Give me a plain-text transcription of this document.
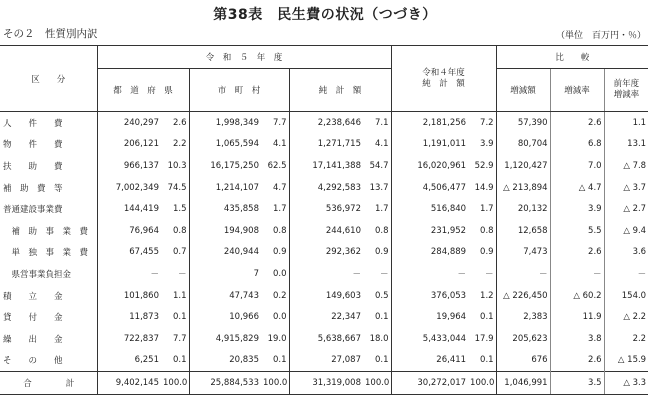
第38表　民生費の状況（つづき）
その２　性質別内訳	（単位　百万円・％）
区　　分	令　和　５　年　度						令和４年度
純　計　額		比　　較		
	都　道　府　県		市　町　村		純　計　額				増減額	増減率	前年度
増減率

人　　件　　費	240,297	2.6	1,998,349	7.7	2,238,646	7.1	2,181,256	7.2	57,390	2.6	1.1
物　　件　　費	206,121	2.2	1,065,594	4.1	1,271,715	4.1	1,191,011	3.9	80,704	6.8	13.1
扶　　助　　費	966,137	10.3	16,175,250	62.5	17,141,388	54.7	16,020,961	52.9	1,120,427	7.0	△ 7.8
補　助　費　等	7,002,349	74.5	1,214,107	4.7	4,292,583	13.7	4,506,477	14.9	△ 213,894	△ 4.7	△ 3.7
普通建設事業費	144,419	1.5	435,858	1.7	536,972	1.7	516,840	1.7	20,132	3.9	△ 2.7
　補　助　事　業　費	76,964	0.8	194,908	0.8	244,610	0.8	231,952	0.8	12,658	5.5	△ 9.4
　単　独　事　業　費	67,455	0.7	240,944	0.9	292,362	0.9	284,889	0.9	7,473	2.6	3.6
　県営事業負担金	－	－	7	0.0	－	－	－	－	－	－	－
積　　立　　金	101,860	1.1	47,743	0.2	149,603	0.5	376,053	1.2	△ 226,450	△ 60.2	154.0
貸　　付　　金	11,873	0.1	10,966	0.0	22,347	0.1	19,964	0.1	2,383	11.9	△ 2.2
繰　　出　　金	722,837	7.7	4,915,829	19.0	5,638,667	18.0	5,433,044	17.9	205,623	3.8	2.2
そ　　の　　他	6,251	0.1	20,835	0.1	27,087	0.1	26,411	0.1	676	2.6	△ 15.9
合　　　　計	9,402,145	100.0	25,884,533	100.0	31,319,008	100.0	30,272,017	100.0	1,046,991	3.5	△ 3.3
